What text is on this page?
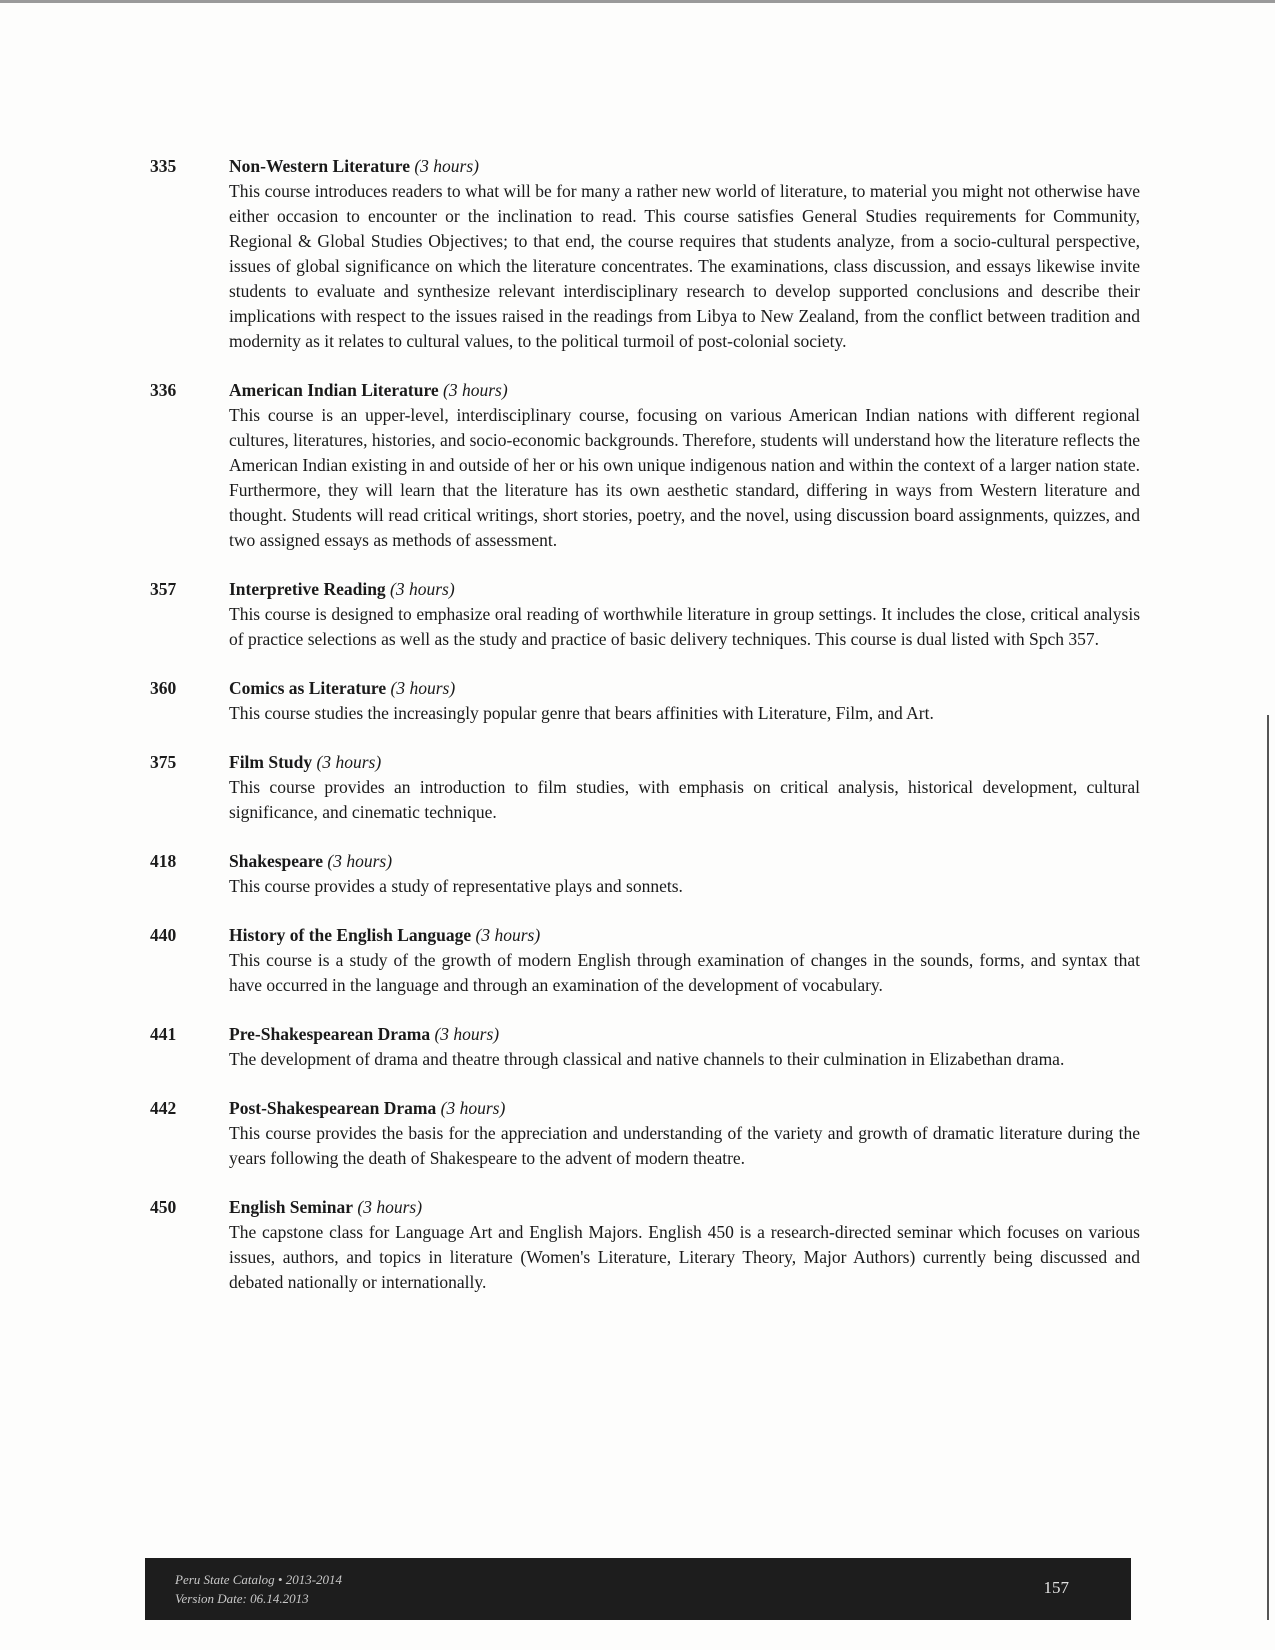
335	Non-Western Literature (3 hours)

This course introduces readers to what will be for many a rather new world of literature, to material you might not otherwise have either occasion to encounter or the inclination to read. This course satisfies General Studies requirements for Community, Regional & Global Studies Objectives; to that end, the course requires that students analyze, from a socio-cultural perspective, issues of global significance on which the literature concentrates. The examinations, class discussion, and essays likewise invite students to evaluate and synthesize relevant interdisciplinary research to develop supported conclusions and describe their implications with respect to the issues raised in the readings from Libya to New Zealand, from the conflict between tradition and modernity as it relates to cultural values, to the political turmoil of post-colonial society.

336	American Indian Literature (3 hours)

This course is an upper-level, interdisciplinary course, focusing on various American Indian nations with different regional cultures, literatures, histories, and socio-economic backgrounds. Therefore, students will understand how the literature reflects the American Indian existing in and outside of her or his own unique indigenous nation and within the context of a larger nation state. Furthermore, they will learn that the literature has its own aesthetic standard, differing in ways from Western literature and thought. Students will read critical writings, short stories, poetry, and the novel, using discussion board assignments, quizzes, and two assigned essays as methods of assessment.

357	Interpretive Reading (3 hours)

This course is designed to emphasize oral reading of worthwhile literature in group settings. It includes the close, critical analysis of practice selections as well as the study and practice of basic delivery techniques. This course is dual listed with Spch 357.

360	Comics as Literature (3 hours)

This course studies the increasingly popular genre that bears affinities with Literature, Film, and Art.

375	Film Study (3 hours)

This course provides an introduction to film studies, with emphasis on critical analysis, historical development, cultural significance, and cinematic technique.

418	Shakespeare (3 hours)

This course provides a study of representative plays and sonnets.

440	History of the English Language (3 hours)

This course is a study of the growth of modern English through examination of changes in the sounds, forms, and syntax that have occurred in the language and through an examination of the development of vocabulary.

441	Pre-Shakespearean Drama (3 hours)

The development of drama and theatre through classical and native channels to their culmination in Elizabethan drama.

442	Post-Shakespearean Drama (3 hours)

This course provides the basis for the appreciation and understanding of the variety and growth of dramatic literature during the years following the death of Shakespeare to the advent of modern theatre.

450	English Seminar (3 hours)

The capstone class for Language Art and English Majors. English 450 is a research-directed seminar which focuses on various issues, authors, and topics in literature (Women's Literature, Literary Theory, Major Authors) currently being discussed and debated nationally or internationally.

Peru State Catalog • 2013-2014
Version Date: 06.14.2013
157
